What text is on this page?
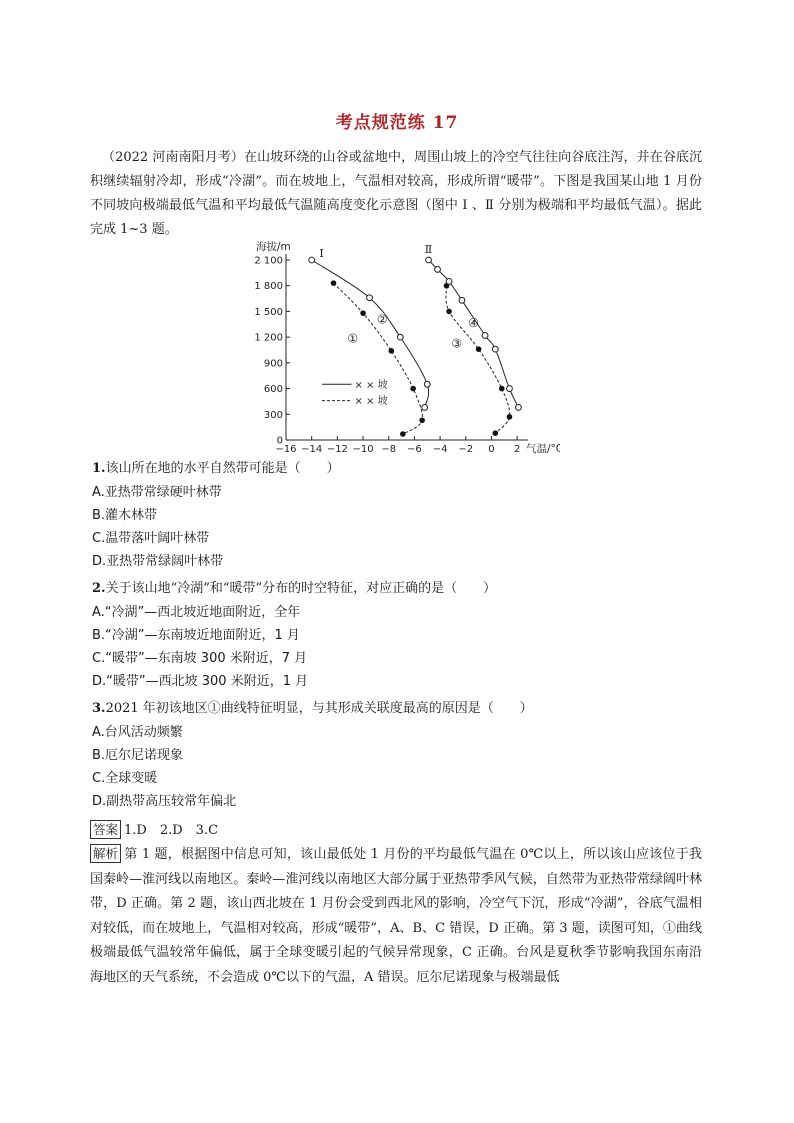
考点规范练 17
（2022 河南南阳月考）在山坡环绕的山谷或盆地中，周围山坡上的冷空气往往向谷底注泻，并在谷底沉积继续辐射冷却，形成“冷湖”。而在坡地上，气温相对较高，形成所谓“暖带”。下图是我国某山地 1 月份不同坡向极端最低气温和平均最低气温随高度变化示意图（图中 Ⅰ 、Ⅱ 分别为极端和平均最低气温）。据此完成 1~3 题。
2 100
1 800
1 500
1 200
900
600
300
0
−16 −14 −12 −10 −8 −6 −4 −2 0 2
海拔/m
气温/°C
Ⅰ	Ⅱ
①
②
③
④
× × 坡
× × 坡
1.该山所在地的水平自然带可能是（　　）
A.亚热带常绿硬叶林带
B.灌木林带
C.温带落叶阔叶林带
D.亚热带常绿阔叶林带
2.关于该山地“冷湖”和“暖带”分布的时空特征，对应正确的是（　　）
A.“冷湖”—西北坡近地面附近，全年
B.“冷湖”—东南坡近地面附近，1 月
C.“暖带”—东南坡 300 米附近，7 月
D.“暖带”—西北坡 300 米附近，1 月
3.2021 年初该地区①曲线特征明显，与其形成关联度最高的原因是（　　）
A.台风活动频繁
B.厄尔尼诺现象
C.全球变暖
D.副热带高压较常年偏北
答案 1.D　2.D　3.C
解析 第 1 题，根据图中信息可知，该山最低处 1 月份的平均最低气温在 0℃以上，所以该山应该位于我国秦岭—淮河线以南地区。秦岭—淮河线以南地区大部分属于亚热带季风气候，自然带为亚热带常绿阔叶林带，D 正确。第 2 题，该山西北坡在 1 月份会受到西北风的影响，冷空气下沉，形成“冷湖”，谷底气温相对较低，而在坡地上，气温相对较高，形成“暖带”，A、B、C 错误，D 正确。第 3 题，读图可知，①曲线极端最低气温较常年偏低，属于全球变暖引起的气候异常现象，C 正确。台风是夏秋季节影响我国东南沿海地区的天气系统，不会造成 0℃以下的气温，A 错误。厄尔尼诺现象与极端最低
